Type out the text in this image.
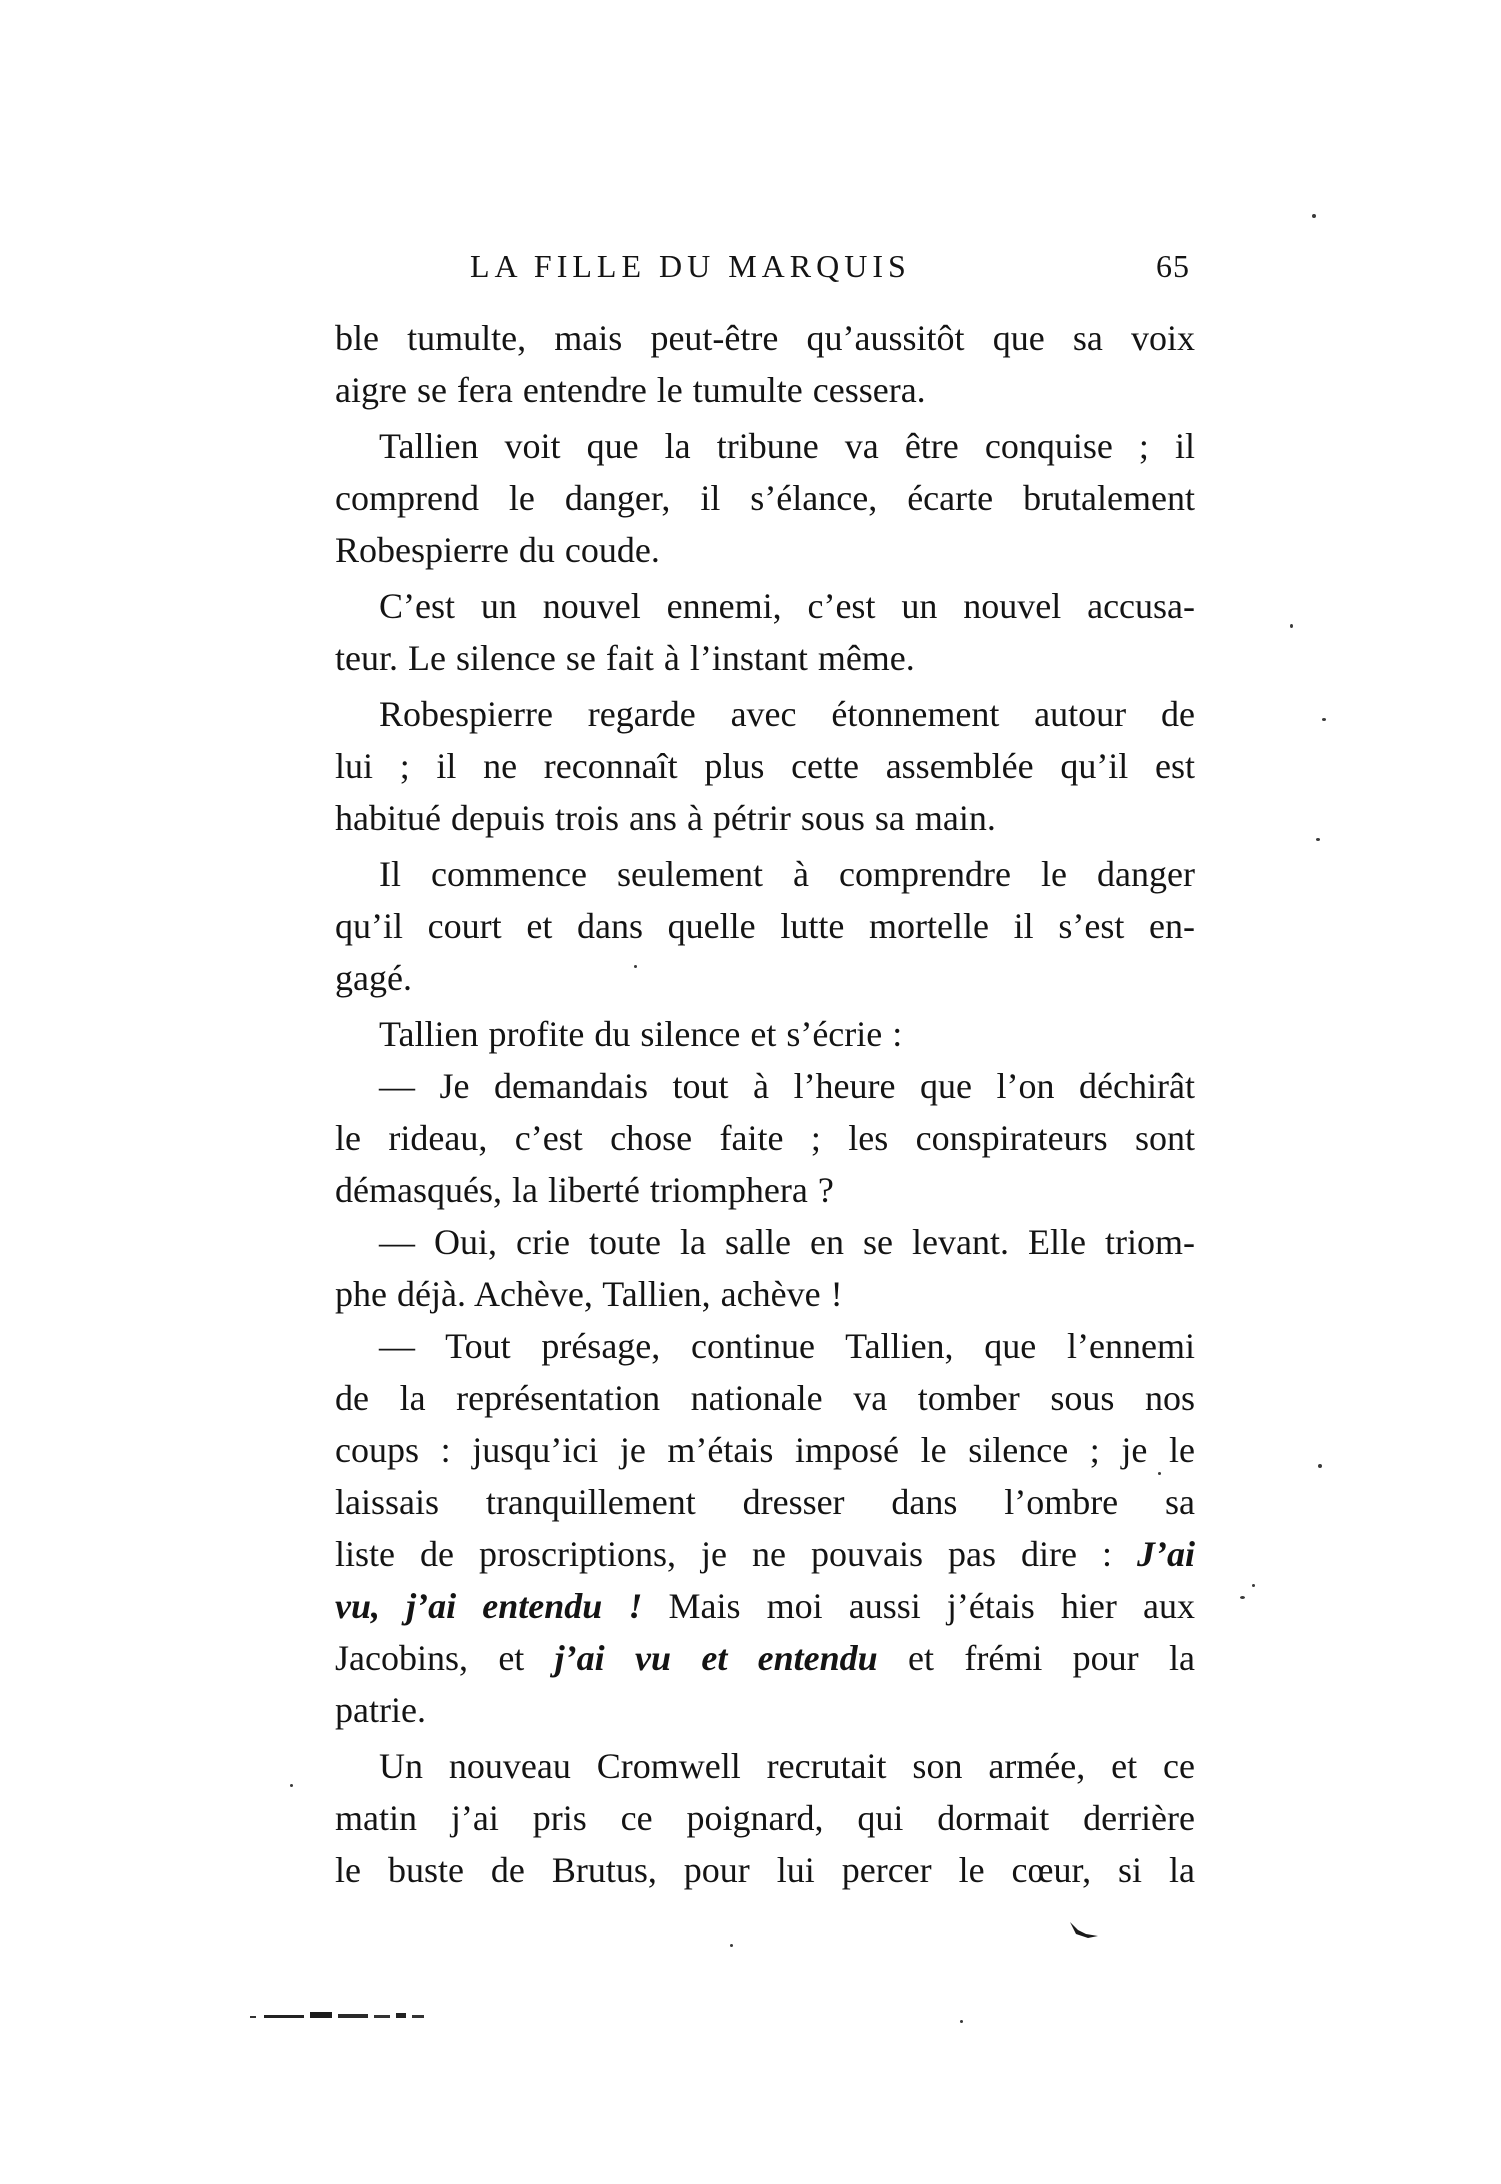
LA FILLE DU MARQUIS	65
ble tumulte, mais peut-être qu’aussitôt que sa voix
aigre se fera entendre le tumulte cessera.
Tallien voit que la tribune va être conquise ; il
comprend le danger, il s’élance, écarte brutalement
Robespierre du coude.
C’est un nouvel ennemi, c’est un nouvel accusa-
teur. Le silence se fait à l’instant même.
Robespierre regarde avec étonnement autour de
lui ; il ne reconnaît plus cette assemblée qu’il est
habitué depuis trois ans à pétrir sous sa main.
Il commence seulement à comprendre le danger
qu’il court et dans quelle lutte mortelle il s’est en-
gagé.
Tallien profite du silence et s’écrie :
— Je demandais tout à l’heure que l’on déchirât
le rideau, c’est chose faite ; les conspirateurs sont
démasqués, la liberté triomphera ?
— Oui, crie toute la salle en se levant. Elle triom-
phe déjà. Achève, Tallien, achève !
— Tout présage, continue Tallien, que l’ennemi
de la représentation nationale va tomber sous nos
coups : jusqu’ici je m’étais imposé le silence ; je le
laissais tranquillement dresser dans l’ombre sa
liste de proscriptions, je ne pouvais pas dire : J’ai
vu, j’ai entendu ! Mais moi aussi j’étais hier aux
Jacobins, et j’ai vu et entendu et frémi pour la
patrie.
Un nouveau Cromwell recrutait son armée, et ce
matin j’ai pris ce poignard, qui dormait derrière
le buste de Brutus, pour lui percer le cœur, si la
